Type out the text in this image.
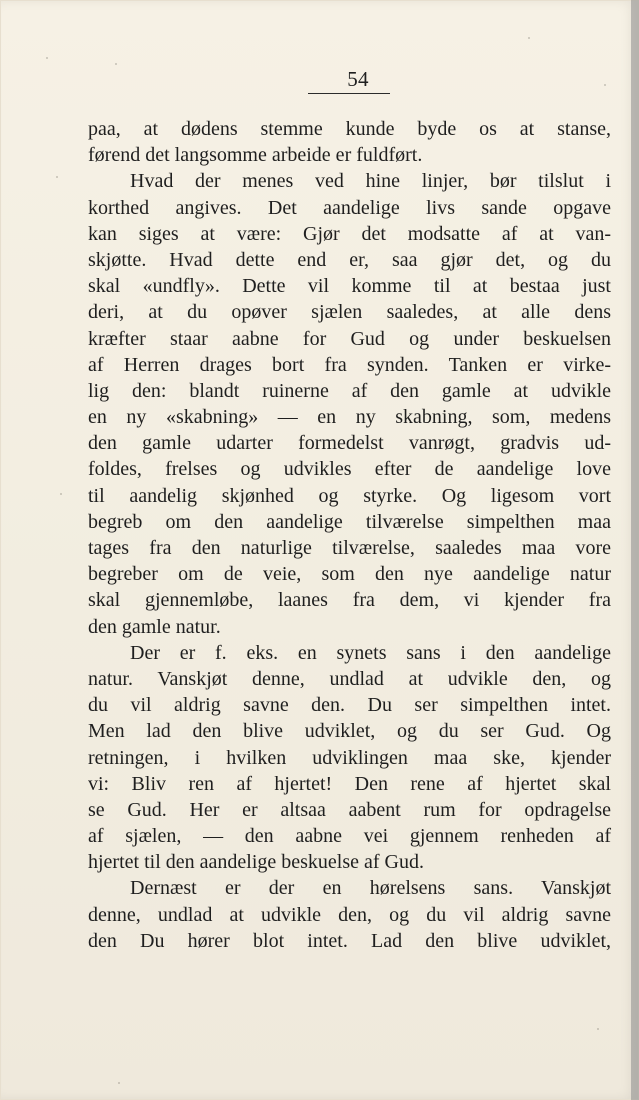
54
paa, at dødens stemme kunde byde os at stanse,
førend det langsomme arbeide er fuldført.
Hvad der menes ved hine linjer, bør tilslut i
korthed angives. Det aandelige livs sande opgave
kan siges at være: Gjør det modsatte af at van-
skjøtte. Hvad dette end er, saa gjør det, og du
skal «undfly». Dette vil komme til at bestaa just
deri, at du opøver sjælen saaledes, at alle dens
kræfter staar aabne for Gud og under beskuelsen
af Herren drages bort fra synden. Tanken er virke-
lig den: blandt ruinerne af den gamle at udvikle
en ny «skabning» — en ny skabning, som, medens
den gamle udarter formedelst vanrøgt, gradvis ud-
foldes, frelses og udvikles efter de aandelige love
til aandelig skjønhed og styrke. Og ligesom vort
begreb om den aandelige tilværelse simpelthen maa
tages fra den naturlige tilværelse, saaledes maa vore
begreber om de veie, som den nye aandelige natur
skal gjennemløbe, laanes fra dem, vi kjender fra
den gamle natur.
Der er f. eks. en synets sans i den aandelige
natur. Vanskjøt denne, undlad at udvikle den, og
du vil aldrig savne den. Du ser simpelthen intet.
Men lad den blive udviklet, og du ser Gud. Og
retningen, i hvilken udviklingen maa ske, kjender
vi: Bliv ren af hjertet! Den rene af hjertet skal
se Gud. Her er altsaa aabent rum for opdragelse
af sjælen, — den aabne vei gjennem renheden af
hjertet til den aandelige beskuelse af Gud.
Dernæst er der en hørelsens sans. Vanskjøt
denne, undlad at udvikle den, og du vil aldrig savne
den Du hører blot intet. Lad den blive udviklet,
